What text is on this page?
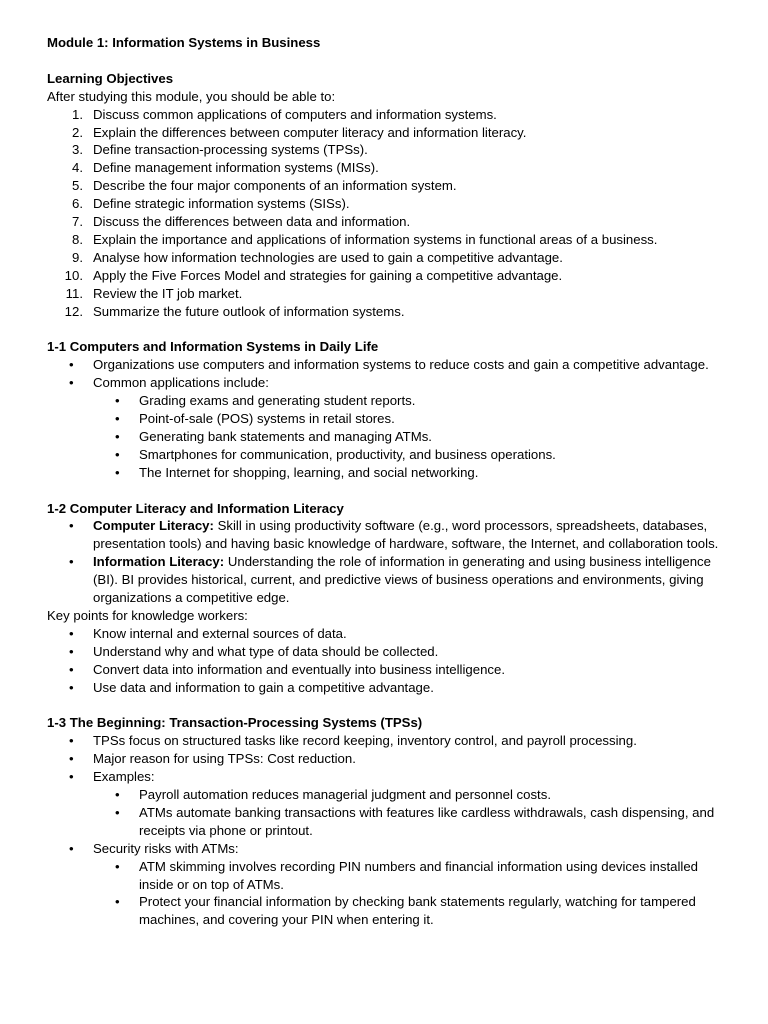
Module 1: Information Systems in Business

Learning Objectives

After studying this module, you should be able to:

1. Discuss common applications of computers and information systems.
2. Explain the differences between computer literacy and information literacy.
3. Define transaction-processing systems (TPSs).
4. Define management information systems (MISs).
5. Describe the four major components of an information system.
6. Define strategic information systems (SISs).
7. Discuss the differences between data and information.
8. Explain the importance and applications of information systems in functional areas of a business.
9. Analyse how information technologies are used to gain a competitive advantage.
10. Apply the Five Forces Model and strategies for gaining a competitive advantage.
11. Review the IT job market.
12. Summarize the future outlook of information systems.

1-1 Computers and Information Systems in Daily Life

• Organizations use computers and information systems to reduce costs and gain a competitive advantage.
• Common applications include:
• Grading exams and generating student reports.
• Point-of-sale (POS) systems in retail stores.
• Generating bank statements and managing ATMs.
• Smartphones for communication, productivity, and business operations.
• The Internet for shopping, learning, and social networking.

1-2 Computer Literacy and Information Literacy

• Computer Literacy: Skill in using productivity software (e.g., word processors, spreadsheets, databases, presentation tools) and having basic knowledge of hardware, software, the Internet, and collaboration tools.
• Information Literacy: Understanding the role of information in generating and using business intelligence (BI). BI provides historical, current, and predictive views of business operations and environments, giving organizations a competitive edge.

Key points for knowledge workers:

• Know internal and external sources of data.
• Understand why and what type of data should be collected.
• Convert data into information and eventually into business intelligence.
• Use data and information to gain a competitive advantage.

1-3 The Beginning: Transaction-Processing Systems (TPSs)

• TPSs focus on structured tasks like record keeping, inventory control, and payroll processing.
• Major reason for using TPSs: Cost reduction.
• Examples:
• Payroll automation reduces managerial judgment and personnel costs.
• ATMs automate banking transactions with features like cardless withdrawals, cash dispensing, and receipts via phone or printout.
• Security risks with ATMs:
• ATM skimming involves recording PIN numbers and financial information using devices installed inside or on top of ATMs.
• Protect your financial information by checking bank statements regularly, watching for tampered machines, and covering your PIN when entering it.
